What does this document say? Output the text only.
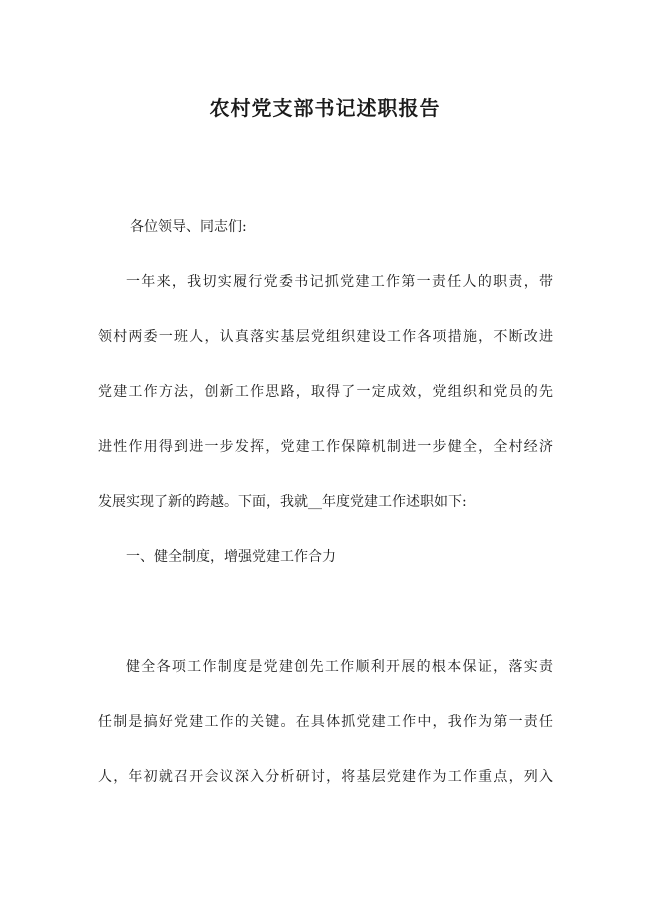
农村党支部书记述职报告
各位领导、同志们:
一年来，我切实履行党委书记抓党建工作第一责任人的职责，带
领村两委一班人，认真落实基层党组织建设工作各项措施，不断改进
党建工作方法，创新工作思路，取得了一定成效，党组织和党员的先
进性作用得到进一步发挥，党建工作保障机制进一步健全，全村经济
发展实现了新的跨越。下面，我就__年度党建工作述职如下:
一、健全制度，增强党建工作合力
健全各项工作制度是党建创先工作顺利开展的根本保证，落实责
任制是搞好党建工作的关键。在具体抓党建工作中，我作为第一责任
人，年初就召开会议深入分析研讨，将基层党建作为工作重点，列入
